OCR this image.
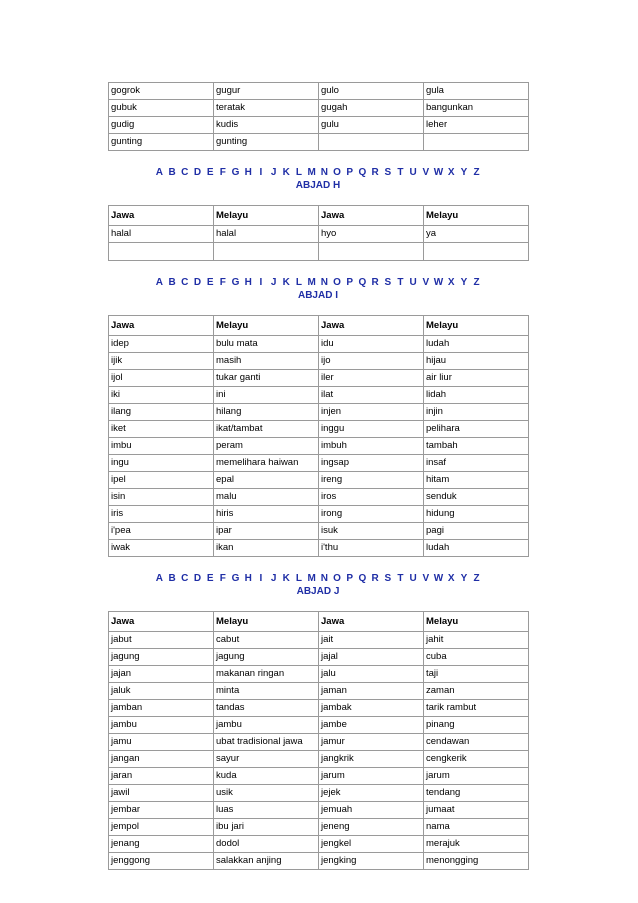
gogrok	gugur	gulo	gula
gubuk	teratak	gugah	bangunkan
gudig	kudis	gulu	leher
gunting	gunting		
A B C D E F G H I J K L M N O P Q R S T U V W X Y Z
ABJAD H
Jawa	Melayu	Jawa	Melayu
halal	halal	hyo	ya

A B C D E F G H I J K L M N O P Q R S T U V W X Y Z
ABJAD I
Jawa	Melayu	Jawa	Melayu
idep	bulu mata	idu	ludah
ijik	masih	ijo	hijau
ijol	tukar ganti	iler	air liur
iki	ini	ilat	lidah
ilang	hilang	injen	injin
iket	ikat/tambat	inggu	pelihara
imbu	peram	imbuh	tambah
ingu	memelihara haiwan	ingsap	insaf
ipel	epal	ireng	hitam
isin	malu	iros	senduk
iris	hiris	irong	hidung
i'pea	ipar	isuk	pagi
iwak	ikan	i'thu	ludah
A B C D E F G H I J K L M N O P Q R S T U V W X Y Z
ABJAD J
Jawa	Melayu	Jawa	Melayu
jabut	cabut	jait	jahit
jagung	jagung	jajal	cuba
jajan	makanan ringan	jalu	taji
jaluk	minta	jaman	zaman
jamban	tandas	jambak	tarik rambut
jambu	jambu	jambe	pinang
jamu	ubat tradisional jawa	jamur	cendawan
jangan	sayur	jangkrik	cengkerik
jaran	kuda	jarum	jarum
jawil	usik	jejek	tendang
jembar	luas	jemuah	jumaat
jempol	ibu jari	jeneng	nama
jenang	dodol	jengkel	merajuk
jenggong	salakkan anjing	jengking	menongging
